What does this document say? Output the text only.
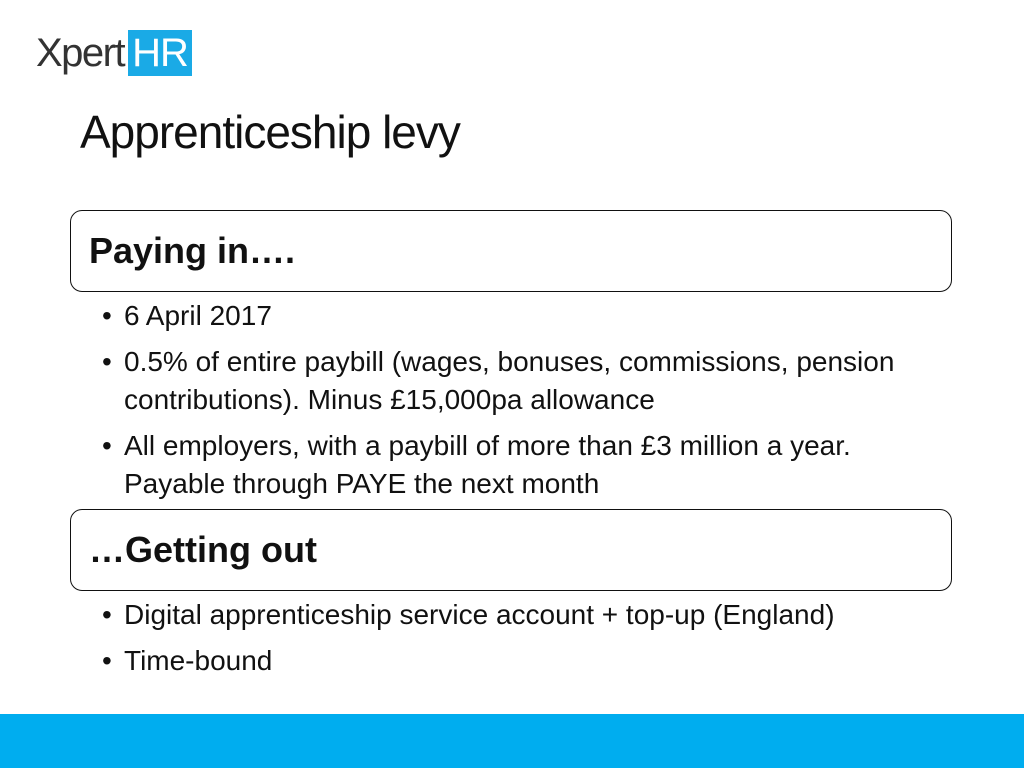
Xpert HR
Apprenticeship levy
Paying in….
• 6 April 2017
• 0.5% of entire paybill (wages, bonuses, commissions, pension contributions). Minus £15,000pa allowance
• All employers, with a paybill of more than £3 million a year. Payable through PAYE the next month
…Getting out
• Digital apprenticeship service account + top-up (England)
• Time-bound
